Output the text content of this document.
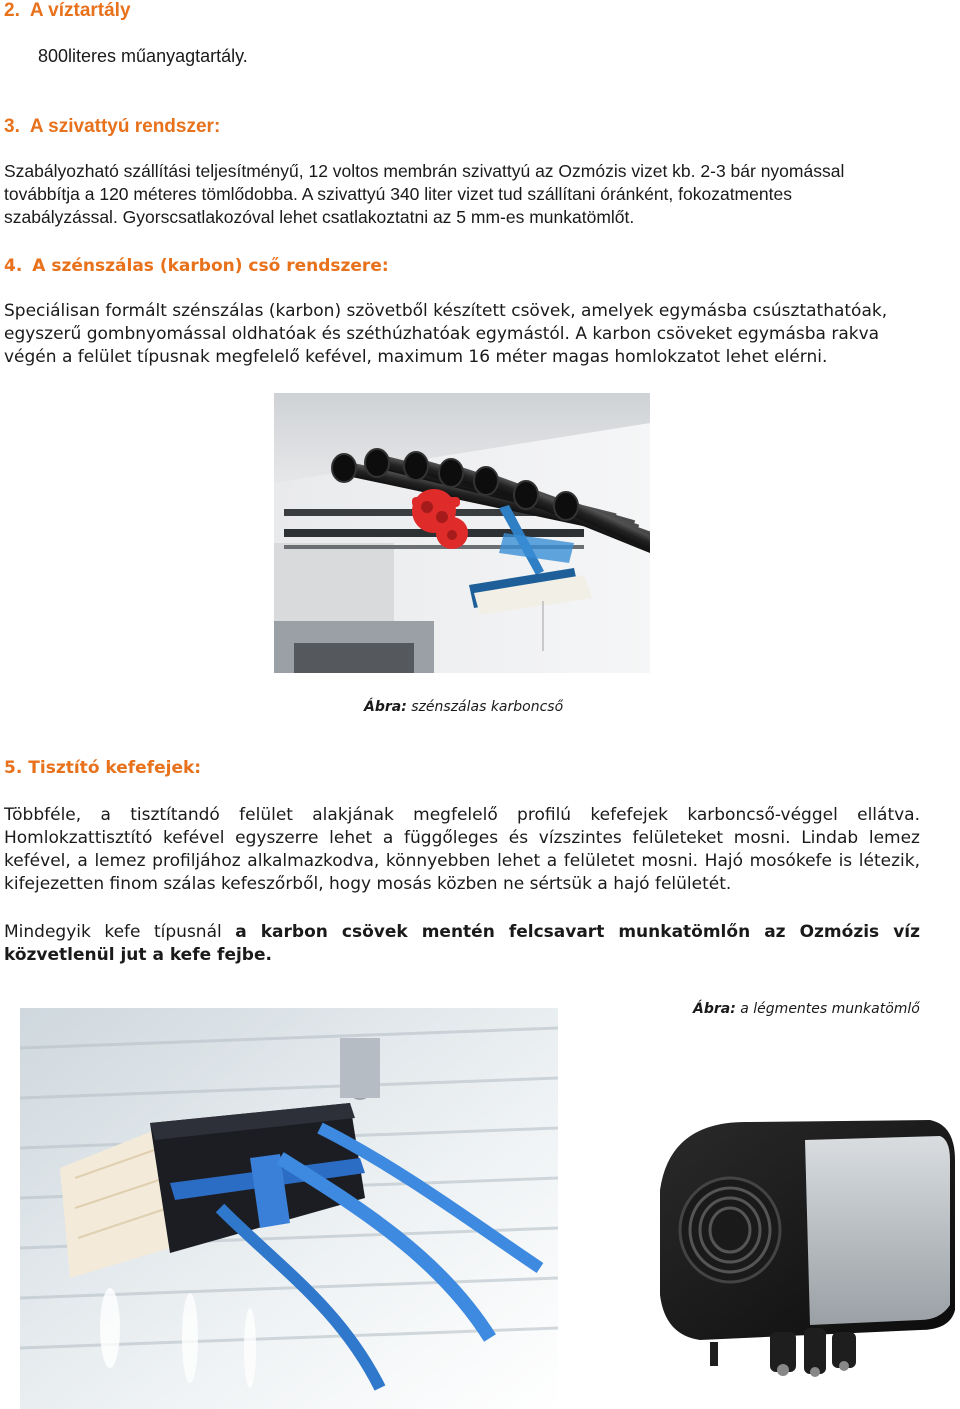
2. A víztartály
800literes műanyagtartály.
3. A szivattyú rendszer:
Szabályozható szállítási teljesítményű, 12 voltos membrán szivattyú az Ozmózis vizet kb. 2-3 bár nyomással
továbbítja a 120 méteres tömlődobba. A szivattyú 340 liter vizet tud szállítani óránként, fokozatmentes
szabályzással. Gyorscsatlakozóval lehet csatlakoztatni az 5 mm-es munkatömlőt.
4. A szénszálas (karbon) cső rendszere:
Speciálisan formált szénszálas (karbon) szövetből készített csövek, amelyek egymásba csúsztathatóak,
egyszerű gombnyomással oldhatóak és széthúzhatóak egymástól. A karbon csöveket egymásba rakva
végén a felület típusnak megfelelő kefével, maximum 16 méter magas homlokzatot lehet elérni.
Ábra: szénszálas karboncső
5. Tisztító kefefejek:
Többféle, a tisztítandó felület alakjának megfelelő profilú kefefejek karboncső-véggel ellátva.
Homlokzattisztító kefével egyszerre lehet a függőleges és vízszintes felületeket mosni. Lindab lemez
kefével, a lemez profiljához alkalmazkodva, könnyebben lehet a felületet mosni. Hajó mosókefe is létezik,
kifejezetten finom szálas kefeszőrből, hogy mosás közben ne sértsük a hajó felületét.
Mindegyik kefe típusnál a karbon csövek mentén felcsavart munkatömlőn az Ozmózis víz
közvetlenül jut a kefe fejbe.
Ábra: a légmentes munkatömlő
